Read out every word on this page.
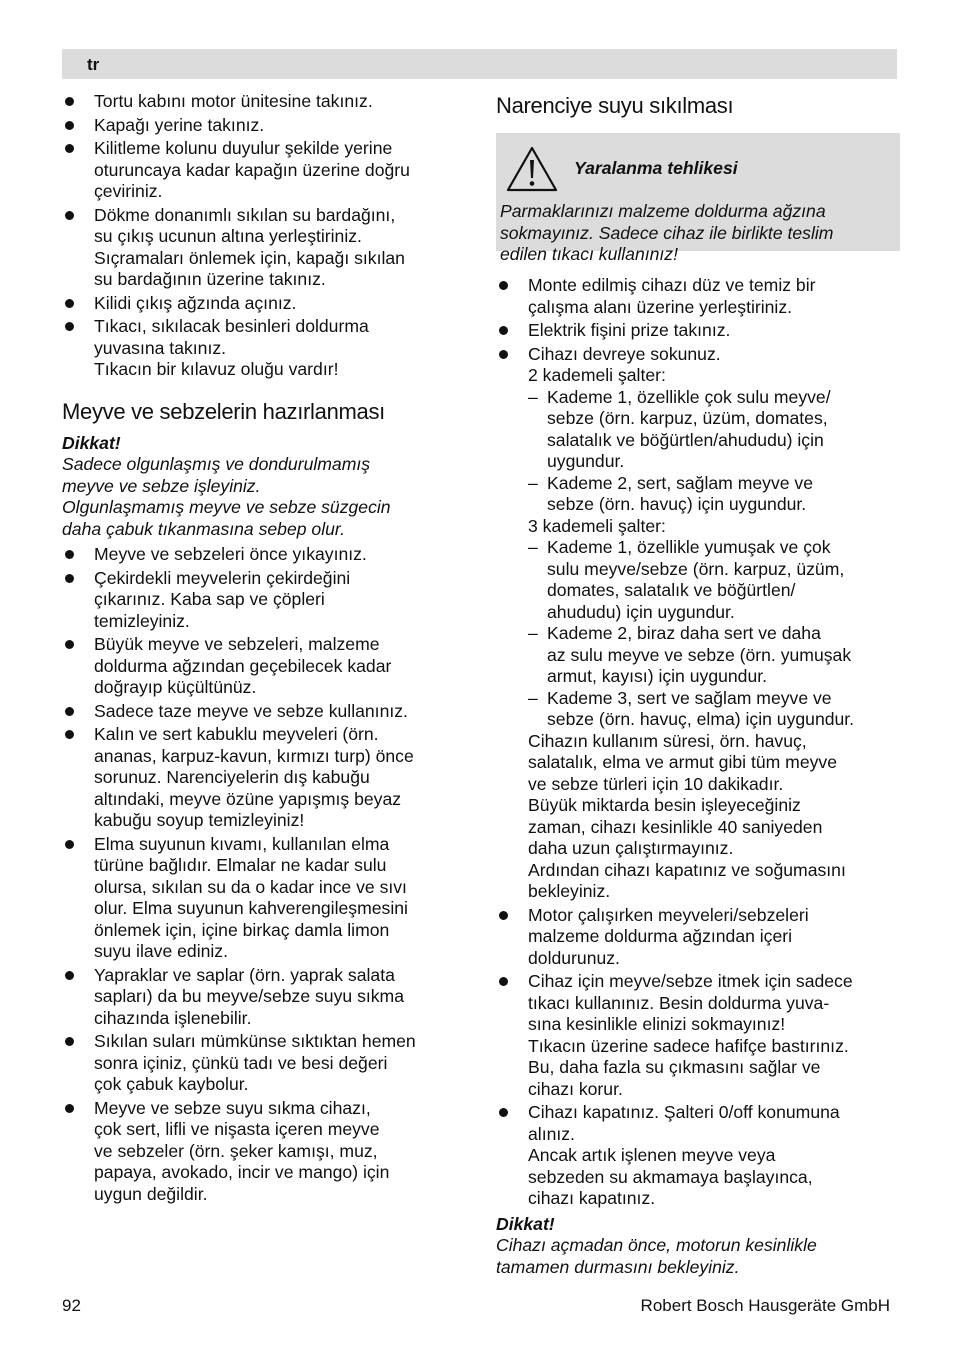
tr
Tortu kabını motor ünitesine takınız.
Kapağı yerine takınız.
Kilitleme kolunu duyulur şekilde yerine
oturuncaya kadar kapağın üzerine doğru
çeviriniz.
Dökme donanımlı sıkılan su bardağını,
su çıkış ucunun altına yerleştiriniz.
Sıçramaları önlemek için, kapağı sıkılan
su bardağının üzerine takınız.
Kilidi çıkış ağzında açınız.
Tıkacı, sıkılacak besinleri doldurma
yuvasına takınız.
Tıkacın bir kılavuz oluğu vardır!
Meyve ve sebzelerin hazırlanması
Dikkat!
Sadece olgunlaşmış ve dondurulmamış
meyve ve sebze işleyiniz.
Olgunlaşmamış meyve ve sebze süzgecin
daha çabuk tıkanmasına sebep olur.
Meyve ve sebzeleri önce yıkayınız.
Çekirdekli meyvelerin çekirdeğini
çıkarınız. Kaba sap ve çöpleri
temizleyiniz.
Büyük meyve ve sebzeleri, malzeme
doldurma ağzından geçebilecek kadar
doğrayıp küçültünüz.
Sadece taze meyve ve sebze kullanınız.
Kalın ve sert kabuklu meyveleri (örn.
ananas, karpuz-kavun, kırmızı turp) önce
sorunuz. Narenciyelerin dış kabuğu
altındaki, meyve özüne yapışmış beyaz
kabuğu soyup temizleyiniz!
Elma suyunun kıvamı, kullanılan elma
türüne bağlıdır. Elmalar ne kadar sulu
olursa, sıkılan su da o kadar ince ve sıvı
olur. Elma suyunun kahverengileşmesini
önlemek için, içine birkaç damla limon
suyu ilave ediniz.
Yapraklar ve saplar (örn. yaprak salata
sapları) da bu meyve/sebze suyu sıkma
cihazında işlenebilir.
Sıkılan suları mümkünse sıktıktan hemen
sonra içiniz, çünkü tadı ve besi değeri
çok çabuk kaybolur.
Meyve ve sebze suyu sıkma cihazı,
çok sert, lifli ve nişasta içeren meyve
ve sebzeler (örn. şeker kamışı, muz,
papaya, avokado, incir ve mango) için
uygun değildir.
Narenciye suyu sıkılması
Yaralanma tehlikesi
Parmaklarınızı malzeme doldurma ağzına
sokmayınız. Sadece cihaz ile birlikte teslim
edilen tıkacı kullanınız!
Monte edilmiş cihazı düz ve temiz bir
çalışma alanı üzerine yerleştiriniz.
Elektrik fişini prize takınız.
Cihazı devreye sokunuz.
2 kademeli şalter:
– Kademe 1, özellikle çok sulu meyve/
sebze (örn. karpuz, üzüm, domates,
salatalık ve böğürtlen/ahududu) için
uygundur.
– Kademe 2, sert, sağlam meyve ve
sebze (örn. havuç) için uygundur.
3 kademeli şalter:
– Kademe 1, özellikle yumuşak ve çok
sulu meyve/sebze (örn. karpuz, üzüm,
domates, salatalık ve böğürtlen/
ahududu) için uygundur.
– Kademe 2, biraz daha sert ve daha
az sulu meyve ve sebze (örn. yumuşak
armut, kayısı) için uygundur.
– Kademe 3, sert ve sağlam meyve ve
sebze (örn. havuç, elma) için uygundur.
Cihazın kullanım süresi, örn. havuç,
salatalık, elma ve armut gibi tüm meyve
ve sebze türleri için 10 dakikadır.
Büyük miktarda besin işleyeceğiniz
zaman, cihazı kesinlikle 40 saniyeden
daha uzun çalıştırmayınız.
Ardından cihazı kapatınız ve soğumasını
bekleyiniz.
Motor çalışırken meyveleri/sebzeleri
malzeme doldurma ağzından içeri
doldurunuz.
Cihaz için meyve/sebze itmek için sadece
tıkacı kullanınız. Besin doldurma yuva-
sına kesinlikle elinizi sokmayınız!
Tıkacın üzerine sadece hafifçe bastırınız.
Bu, daha fazla su çıkmasını sağlar ve
cihazı korur.
Cihazı kapatınız. Şalteri 0/off konumuna
alınız.
Ancak artık işlenen meyve veya
sebzeden su akmamaya başlayınca,
cihazı kapatınız.
Dikkat!
Cihazı açmadan önce, motorun kesinlikle
tamamen durmasını bekleyiniz.
92	Robert Bosch Hausgeräte GmbH
